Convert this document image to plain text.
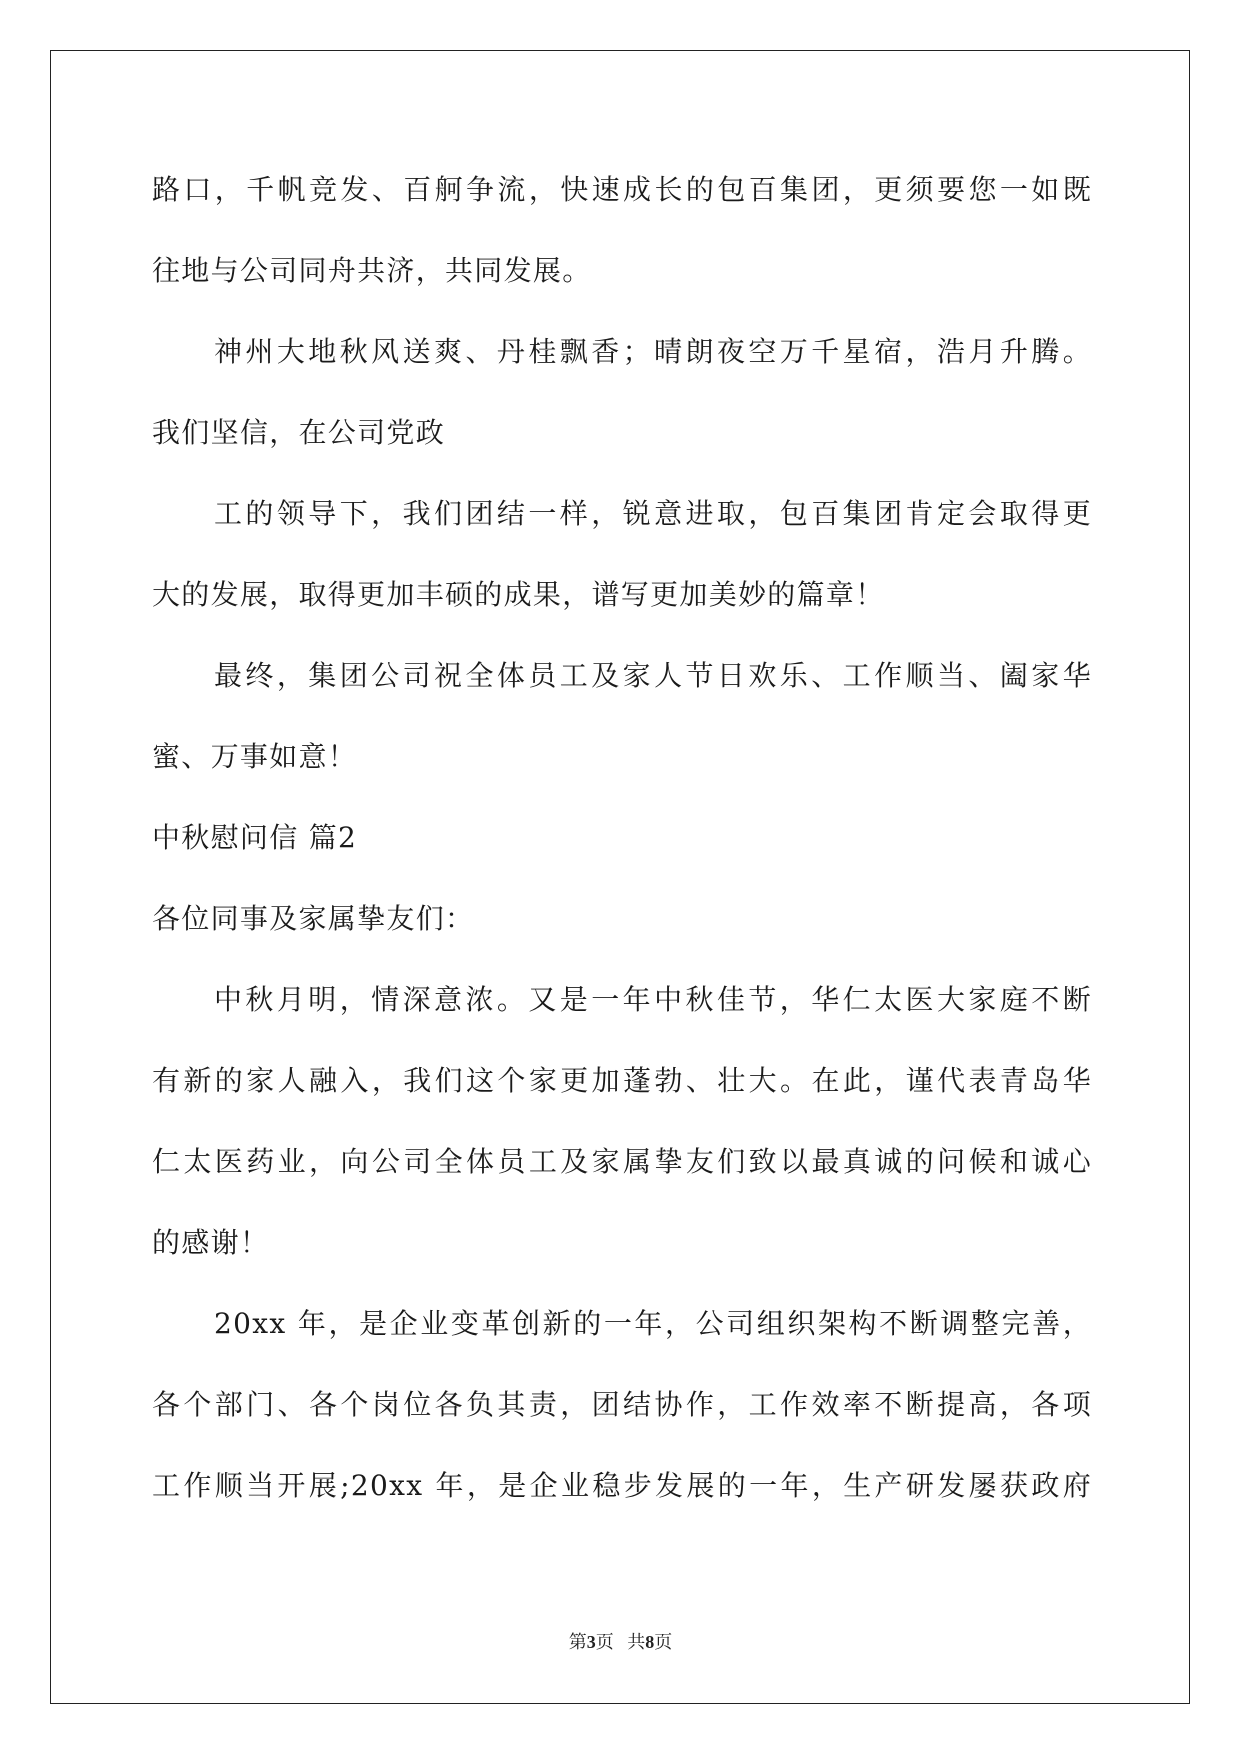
路口，千帆竞发、百舸争流，快速成长的包百集团，更须要您一如既
往地与公司同舟共济，共同发展。
神州大地秋风送爽、丹桂飘香；晴朗夜空万千星宿，浩月升腾。
我们坚信，在公司党政
工的领导下，我们团结一样，锐意进取，包百集团肯定会取得更
大的发展，取得更加丰硕的成果，谱写更加美妙的篇章！
最终，集团公司祝全体员工及家人节日欢乐、工作顺当、阖家华
蜜、万事如意！
中秋慰问信 篇2
各位同事及家属挚友们：
中秋月明，情深意浓。又是一年中秋佳节，华仁太医大家庭不断
有新的家人融入，我们这个家更加蓬勃、壮大。在此，谨代表青岛华
仁太医药业，向公司全体员工及家属挚友们致以最真诚的问候和诚心
的感谢！
20xx 年，是企业变革创新的一年，公司组织架构不断调整完善，
各个部门、各个岗位各负其责，团结协作，工作效率不断提高，各项
工作顺当开展;20xx 年，是企业稳步发展的一年，生产研发屡获政府
第3页   共8页
